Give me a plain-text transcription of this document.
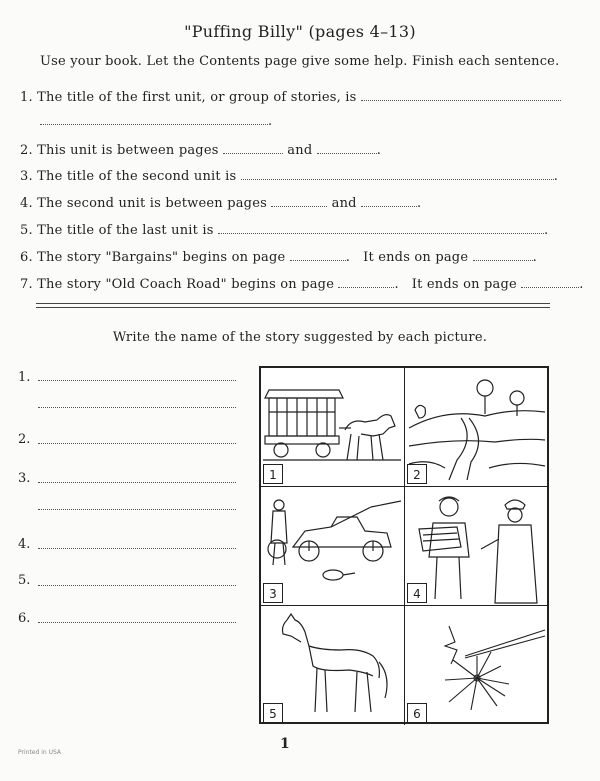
"Puffing Billy" (pages 4–13)
Use your book. Let the Contents page give some help. Finish each sentence.
1. The title of the first unit, or group of stories, is
.
2. This unit is between pages	and	.
3. The title of the second unit is	.
4. The second unit is between pages	and	.
5. The title of the last unit is	.
6. The story "Bargains" begins on page	.   It ends on page	.
7. The story "Old Coach Road" begins on page	.   It ends on page	.
Write the name of the story suggested by each picture.
1.
2.
3.
4.
5.
6.
1	2
3	4
5	6
1
Printed in USA
